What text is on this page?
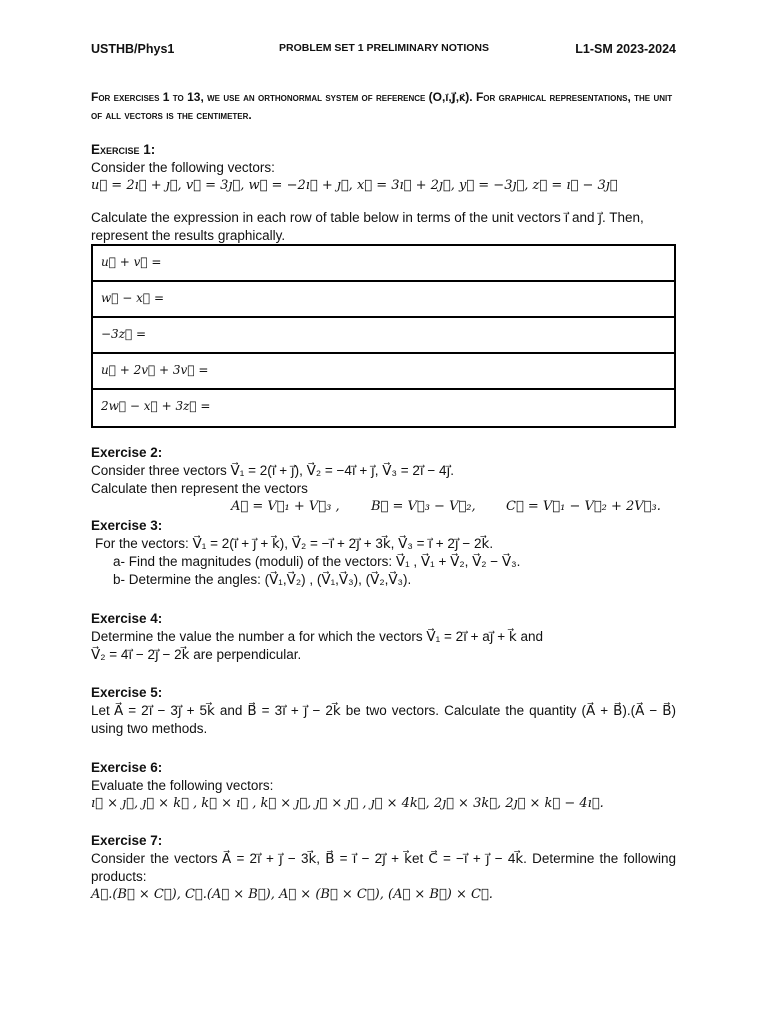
USTHB/Phys1	PROBLEM SET 1 PRELIMINARY NOTIONS	L1-SM 2023-2024
For exercises 1 to 13, we use an orthonormal system of reference (O,ı⃗,ȷ⃗,k⃗). For graphical representations, the unit of all vectors is the centimeter.
Exercise 1:
Consider the following vectors:
u⃗ = 2ı⃗ + ȷ⃗, v⃗ = 3ȷ⃗, w⃗ = −2ı⃗ + ȷ⃗, x⃗ = 3ı⃗ + 2ȷ⃗, y⃗ = −3ȷ⃗, z⃗ = ı⃗ − 3ȷ⃗
Calculate the expression in each row of table below in terms of the unit vectors ı⃗ and ȷ⃗. Then, represent the results graphically.
u⃗ + v⃗ =
w⃗ − x⃗ =
−3z⃗ =
u⃗ + 2v⃗ + 3v⃗ =
2w⃗ − x⃗ + 3z⃗ =
Exercise 2:
Consider three vectors V⃗₁ = 2(ı⃗ + ȷ⃗), V⃗₂ = −4ı⃗ + ȷ⃗, V⃗₃ = 2ı⃗ − 4ȷ⃗.
Calculate then represent the vectors
A⃗ = V⃗₁ + V⃗₃ ,	B⃗ = V⃗₃ − V⃗₂,	C⃗ = V⃗₁ − V⃗₂ + 2V⃗₃.
Exercise 3:
For the vectors: V⃗₁ = 2(ı⃗ + ȷ⃗ + k⃗), V⃗₂ = −ı⃗ + 2ȷ⃗ + 3k⃗, V⃗₃ = ı⃗ + 2ȷ⃗ − 2k⃗.
a- Find the magnitudes (moduli) of the vectors: V⃗₁ , V⃗₁ + V⃗₂, V⃗₂ − V⃗₃.
b- Determine the angles: (V⃗₁,V⃗₂) , (V⃗₁,V⃗₃), (V⃗₂,V⃗₃).
Exercise 4:
Determine the value the number a for which the vectors V⃗₁ = 2ı⃗ + aȷ⃗ + k⃗ and
V⃗₂ = 4ı⃗ − 2ȷ⃗ − 2k⃗ are perpendicular.
Exercise 5:
Let A⃗ = 2ı⃗ − 3ȷ⃗ + 5k⃗ and B⃗ = 3ı⃗ + ȷ⃗ − 2k⃗ be two vectors. Calculate the quantity (A⃗ + B⃗).(A⃗ − B⃗) using two methods.
Exercise 6:
Evaluate the following vectors:
ı⃗ × ȷ⃗, ȷ⃗ × k⃗ , k⃗ × ı⃗ , k⃗ × ȷ⃗, ȷ⃗ × ȷ⃗ , ȷ⃗ × 4k⃗, 2ȷ⃗ × 3k⃗, 2ȷ⃗ × k⃗ − 4ı⃗.
Exercise 7:
Consider the vectors A⃗ = 2ı⃗ + ȷ⃗ − 3k⃗, B⃗ = ı⃗ − 2ȷ⃗ + k⃗et C⃗ = −ı⃗ + ȷ⃗ − 4k⃗. Determine the following products:
A⃗.(B⃗ × C⃗), C⃗.(A⃗ × B⃗), A⃗ × (B⃗ × C⃗), (A⃗ × B⃗) × C⃗.
